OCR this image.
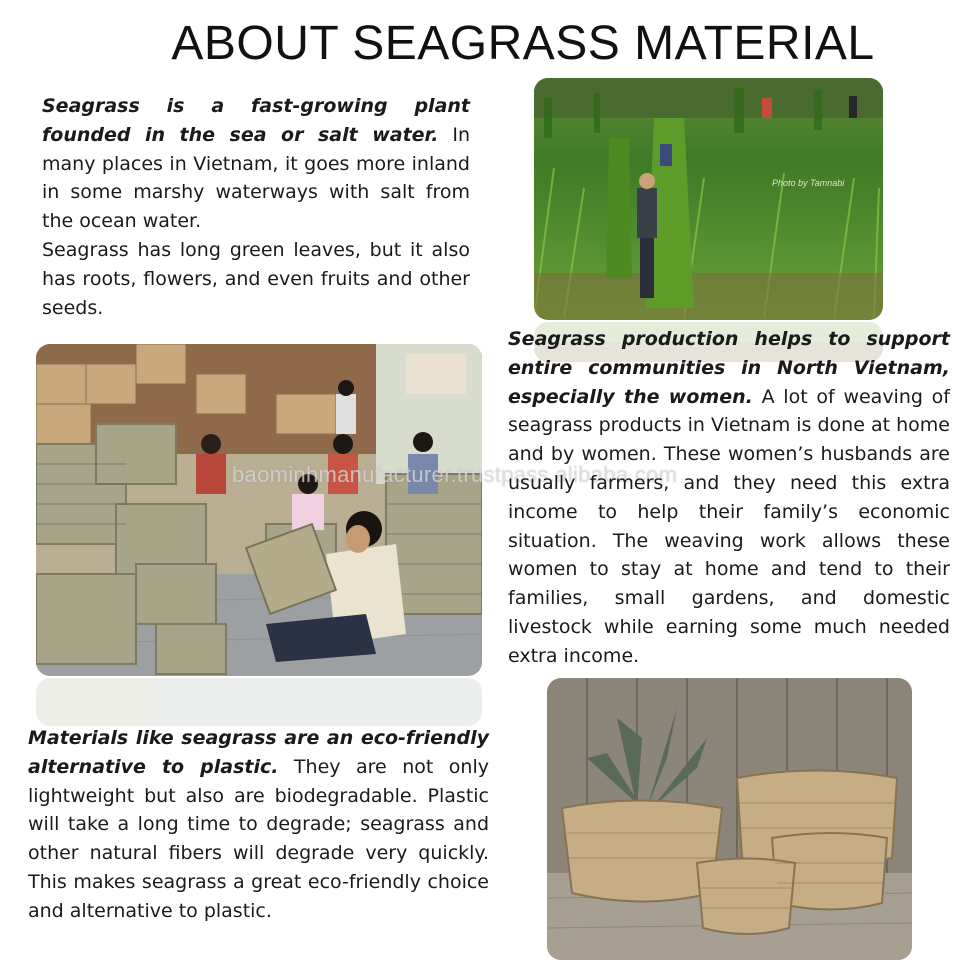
ABOUT SEAGRASS MATERIAL
Seagrass is a fast-growing plant founded in the sea or salt water. In many places in Vietnam, it goes more inland in some marshy waterways with salt from the ocean water.
Seagrass has long green leaves, but it also has roots, flowers, and even fruits and other seeds.
Photo by Tamnabi
baominhmanufacturer.trustpass.alibaba.com
Seagrass production helps to support entire communities in North Vietnam, especially the women. A lot of weaving of seagrass products in Vietnam is done at home and by women. These women’s husbands are usually farmers, and they need this extra income to help their family’s economic situation. The weaving work allows these women to stay at home and tend to their families, small gardens, and domestic livestock while earning some much needed extra income.
Materials like seagrass are an eco-friendly alternative to plastic. They are not only lightweight but also are biodegradable. Plastic will take a long time to degrade; seagrass and other natural fibers will degrade very quickly. This makes seagrass a great eco-friendly choice and alternative to plastic.
